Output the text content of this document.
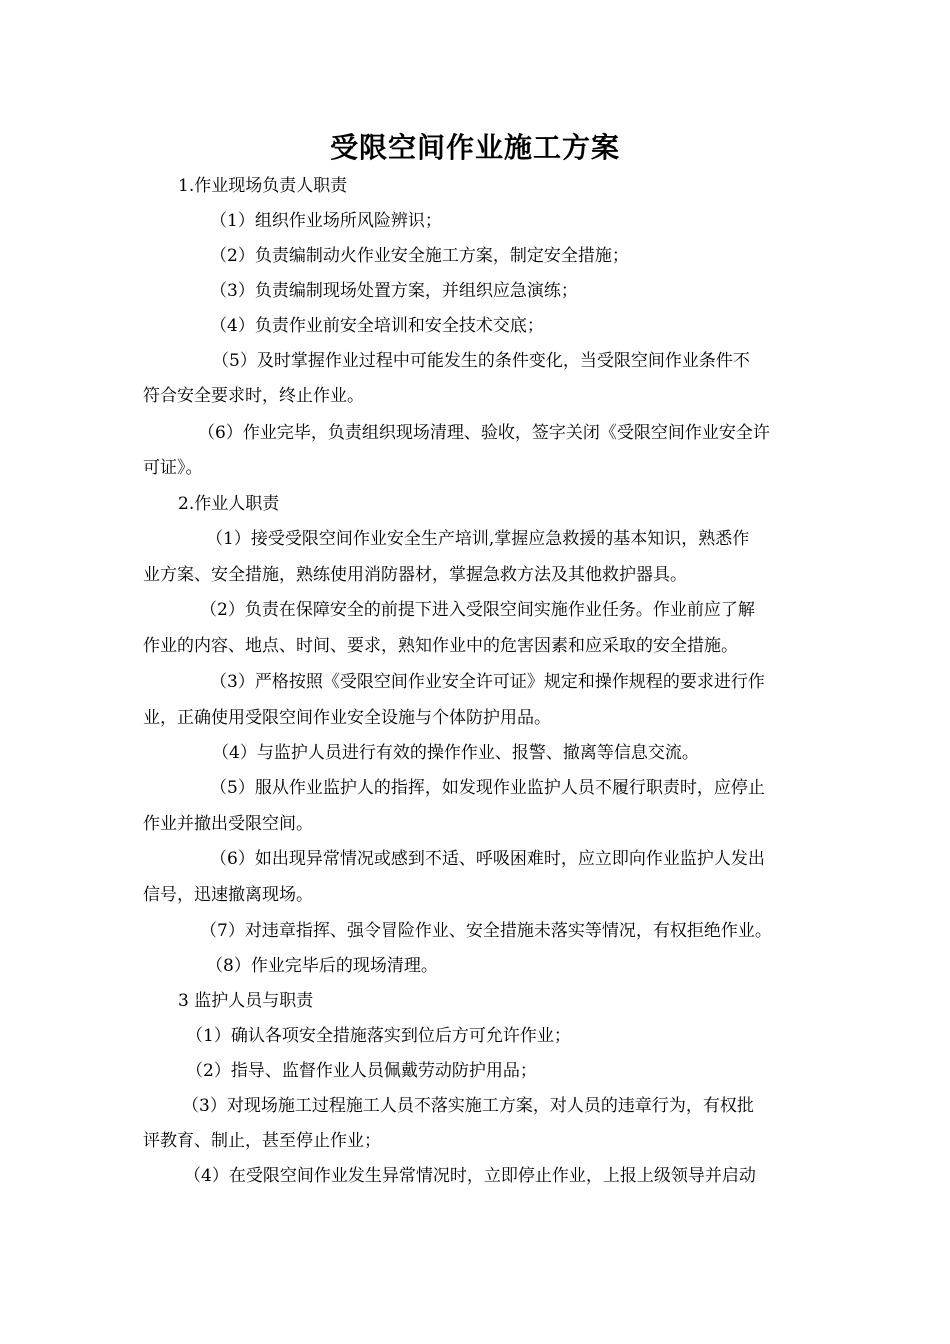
受限空间作业施工方案
1.作业现场负责人职责
（1）组织作业场所风险辨识；
（2）负责编制动火作业安全施工方案，制定安全措施；
（3）负责编制现场处置方案，并组织应急演练；
（4）负责作业前安全培训和安全技术交底；
（5）及时掌握作业过程中可能发生的条件变化，当受限空间作业条件不
符合安全要求时，终止作业。
（6）作业完毕，负责组织现场清理、验收，签字关闭《受限空间作业安全许
可证》。
2.作业人职责
（1）接受受限空间作业安全生产培训,掌握应急救援的基本知识，熟悉作
业方案、安全措施，熟练使用消防器材，掌握急救方法及其他救护器具。
（2）负责在保障安全的前提下进入受限空间实施作业任务。作业前应了解
作业的内容、地点、时间、要求，熟知作业中的危害因素和应采取的安全措施。
（3）严格按照《受限空间作业安全许可证》规定和操作规程的要求进行作
业，正确使用受限空间作业安全设施与个体防护用品。
（4）与监护人员进行有效的操作作业、报警、撤离等信息交流。
（5）服从作业监护人的指挥，如发现作业监护人员不履行职责时，应停止
作业并撤出受限空间。
（6）如出现异常情况或感到不适、呼吸困难时，应立即向作业监护人发出
信号，迅速撤离现场。
（7）对违章指挥、强令冒险作业、安全措施未落实等情况，有权拒绝作业。
（8）作业完毕后的现场清理。
3 监护人员与职责
（1）确认各项安全措施落实到位后方可允许作业；
（2）指导、监督作业人员佩戴劳动防护用品；
（3）对现场施工过程施工人员不落实施工方案，对人员的违章行为，有权批
评教育、制止，甚至停止作业；
（4）在受限空间作业发生异常情况时，立即停止作业，上报上级领导并启动
